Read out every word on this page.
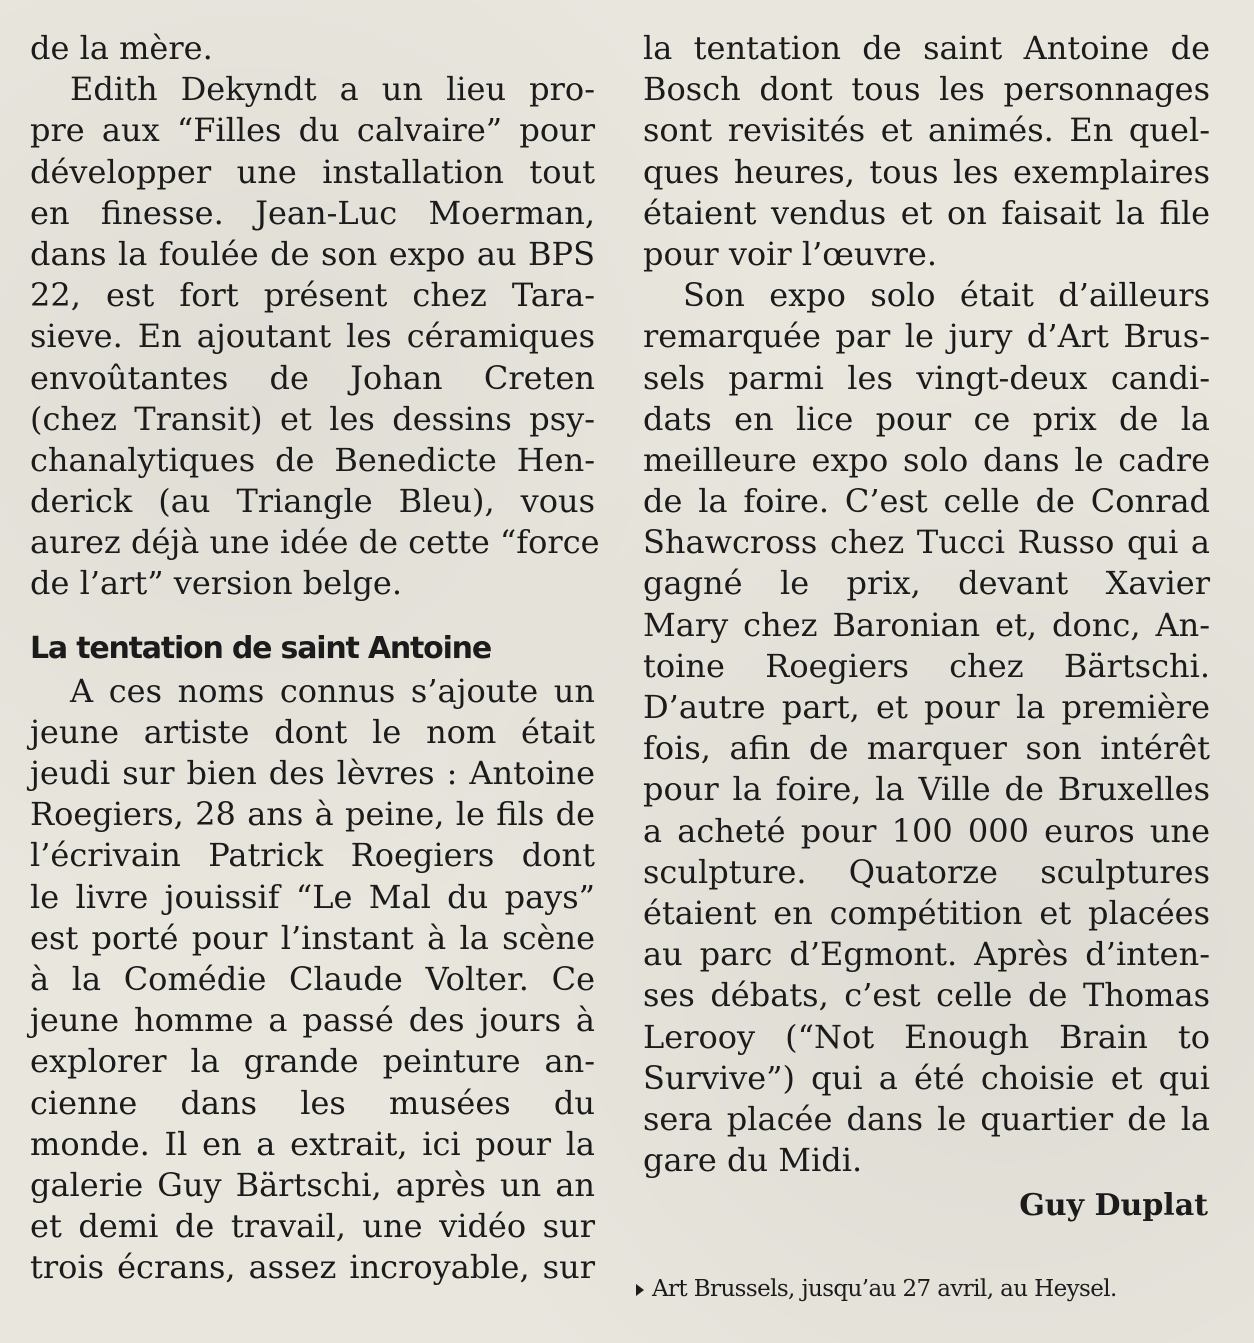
de la mère.
Edith Dekyndt a un lieu pro-
pre aux “Filles du calvaire” pour
développer une installation tout
en finesse. Jean-Luc Moerman,
dans la foulée de son expo au BPS
22, est fort présent chez Tara-
sieve. En ajoutant les céramiques
envoûtantes de Johan Creten
(chez Transit) et les dessins psy-
chanalytiques de Benedicte Hen-
derick (au Triangle Bleu), vous
aurez déjà une idée de cette “force
de l’art” version belge.
La tentation de saint Antoine
A ces noms connus s’ajoute un
jeune artiste dont le nom était
jeudi sur bien des lèvres : Antoine
Roegiers, 28 ans à peine, le fils de
l’écrivain Patrick Roegiers dont
le livre jouissif “Le Mal du pays”
est porté pour l’instant à la scène
à la Comédie Claude Volter. Ce
jeune homme a passé des jours à
explorer la grande peinture an-
cienne dans les musées du
monde. Il en a extrait, ici pour la
galerie Guy Bärtschi, après un an
et demi de travail, une vidéo sur
trois écrans, assez incroyable, sur
la tentation de saint Antoine de
Bosch dont tous les personnages
sont revisités et animés. En quel-
ques heures, tous les exemplaires
étaient vendus et on faisait la file
pour voir l’œuvre.
Son expo solo était d’ailleurs
remarquée par le jury d’Art Brus-
sels parmi les vingt-deux candi-
dats en lice pour ce prix de la
meilleure expo solo dans le cadre
de la foire. C’est celle de Conrad
Shawcross chez Tucci Russo qui a
gagné le prix, devant Xavier
Mary chez Baronian et, donc, An-
toine Roegiers chez Bärtschi.
D’autre part, et pour la première
fois, afin de marquer son intérêt
pour la foire, la Ville de Bruxelles
a acheté pour 100 000 euros une
sculpture. Quatorze sculptures
étaient en compétition et placées
au parc d’Egmont. Après d’inten-
ses débats, c’est celle de Thomas
Lerooy (“Not Enough Brain to
Survive”) qui a été choisie et qui
sera placée dans le quartier de la
gare du Midi.
Guy Duplat
Art Brussels, jusqu’au 27 avril, au Heysel.
